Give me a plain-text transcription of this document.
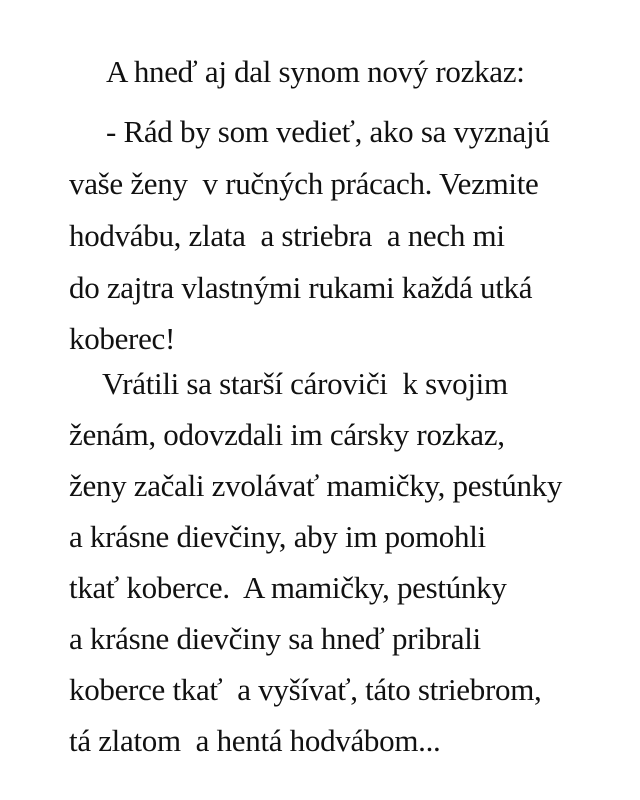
A hneď aj dal synom nový rozkaz:
- Rád by som vedieť, ako sa vyznajú
vaše ženy  v ručných prácach. Vezmite
hodvábu, zlata  a striebra  a nech mi
do zajtra vlastnými rukami každá utká
koberec!
Vrátili sa starší cároviči  k svojim
ženám, odovzdali im cársky rozkaz,
ženy začali zvolávať mamičky, pestúnky
a krásne dievčiny, aby im pomohli
tkať koberce.  A mamičky, pestúnky
a krásne dievčiny sa hneď pribrali
koberce tkať  a vyšívať, táto striebrom,
tá zlatom  a hentá hodvábom...
